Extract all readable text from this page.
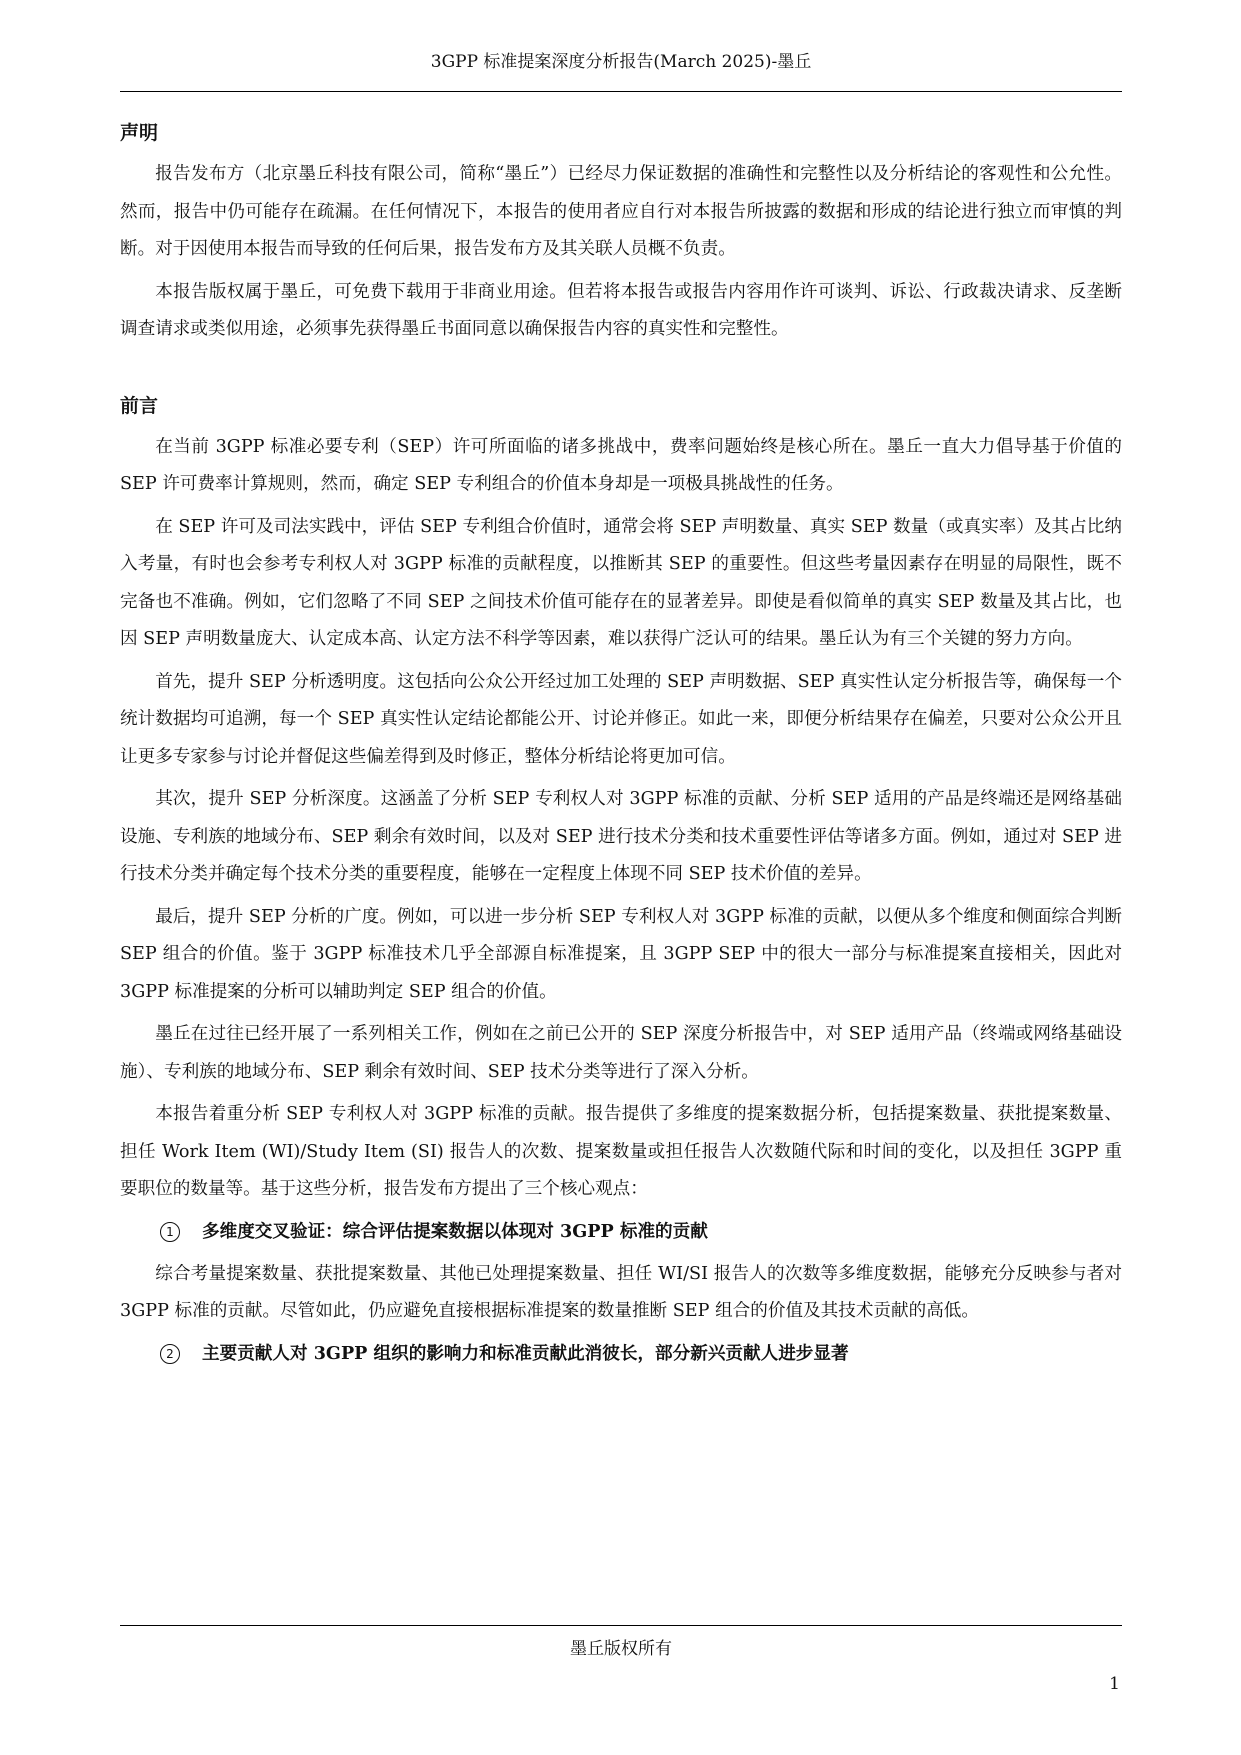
3GPP 标准提案深度分析报告(March 2025)-墨丘
声明

报告发布方（北京墨丘科技有限公司，简称“墨丘”）已经尽力保证数据的准确性和完整性以及分析结论的客观性和公允性。然而，报告中仍可能存在疏漏。在任何情况下，本报告的使用者应自行对本报告所披露的数据和形成的结论进行独立而审慎的判断。对于因使用本报告而导致的任何后果，报告发布方及其关联人员概不负责。

本报告版权属于墨丘，可免费下载用于非商业用途。但若将本报告或报告内容用作许可谈判、诉讼、行政裁决请求、反垄断调查请求或类似用途，必须事先获得墨丘书面同意以确保报告内容的真实性和完整性。

前言

在当前 3GPP 标准必要专利（SEP）许可所面临的诸多挑战中，费率问题始终是核心所在。墨丘一直大力倡导基于价值的 SEP 许可费率计算规则，然而，确定 SEP 专利组合的价值本身却是一项极具挑战性的任务。

在 SEP 许可及司法实践中，评估 SEP 专利组合价值时，通常会将 SEP 声明数量、真实 SEP 数量（或真实率）及其占比纳入考量，有时也会参考专利权人对 3GPP 标准的贡献程度，以推断其 SEP 的重要性。但这些考量因素存在明显的局限性，既不完备也不准确。例如，它们忽略了不同 SEP 之间技术价值可能存在的显著差异。即使是看似简单的真实 SEP 数量及其占比，也因 SEP 声明数量庞大、认定成本高、认定方法不科学等因素，难以获得广泛认可的结果。墨丘认为有三个关键的努力方向。

首先，提升 SEP 分析透明度。这包括向公众公开经过加工处理的 SEP 声明数据、SEP 真实性认定分析报告等，确保每一个统计数据均可追溯，每一个 SEP 真实性认定结论都能公开、讨论并修正。如此一来，即便分析结果存在偏差，只要对公众公开且让更多专家参与讨论并督促这些偏差得到及时修正，整体分析结论将更加可信。

其次，提升 SEP 分析深度。这涵盖了分析 SEP 专利权人对 3GPP 标准的贡献、分析 SEP 适用的产品是终端还是网络基础设施、专利族的地域分布、SEP 剩余有效时间，以及对 SEP 进行技术分类和技术重要性评估等诸多方面。例如，通过对 SEP 进行技术分类并确定每个技术分类的重要程度，能够在一定程度上体现不同 SEP 技术价值的差异。

最后，提升 SEP 分析的广度。例如，可以进一步分析 SEP 专利权人对 3GPP 标准的贡献，以便从多个维度和侧面综合判断 SEP 组合的价值。鉴于 3GPP 标准技术几乎全部源自标准提案，且 3GPP SEP 中的很大一部分与标准提案直接相关，因此对 3GPP 标准提案的分析可以辅助判定 SEP 组合的价值。

墨丘在过往已经开展了一系列相关工作，例如在之前已公开的 SEP 深度分析报告中，对 SEP 适用产品（终端或网络基础设施）、专利族的地域分布、SEP 剩余有效时间、SEP 技术分类等进行了深入分析。

本报告着重分析 SEP 专利权人对 3GPP 标准的贡献。报告提供了多维度的提案数据分析，包括提案数量、获批提案数量、担任 Work Item (WI)/Study Item (SI) 报告人的次数、提案数量或担任报告人次数随代际和时间的变化，以及担任 3GPP 重要职位的数量等。基于这些分析，报告发布方提出了三个核心观点：

1	多维度交叉验证：综合评估提案数据以体现对 3GPP 标准的贡献

综合考量提案数量、获批提案数量、其他已处理提案数量、担任 WI/SI 报告人的次数等多维度数据，能够充分反映参与者对 3GPP 标准的贡献。尽管如此，仍应避免直接根据标准提案的数量推断 SEP 组合的价值及其技术贡献的高低。

2	主要贡献人对 3GPP 组织的影响力和标准贡献此消彼长，部分新兴贡献人进步显著
墨丘版权所有
1
